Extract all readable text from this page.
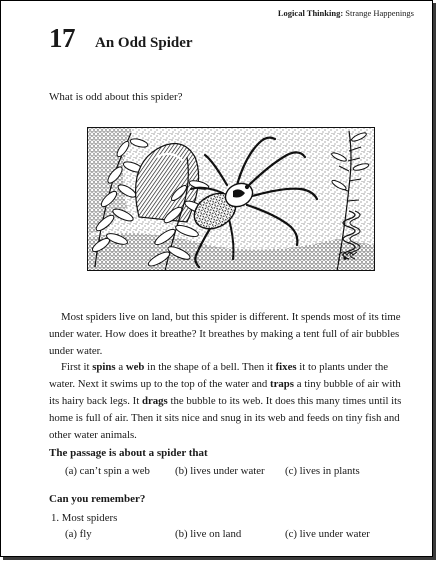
Logical Thinking: Strange Happenings
17 An Odd Spider
What is odd about this spider?

Most spiders live on land, but this spider is different. It spends most of its time under water. How does it breathe? It breathes by making a tent full of air bubbles under water.

First it spins a web in the shape of a bell. Then it fixes it to plants under the water. Next it swims up to the top of the water and traps a tiny bubble of air with its hairy back legs. It drags the bubble to its web. It does this many times until its home is full of air. Then it sits nice and snug in its web and feeds on tiny fish and other water animals.

The passage is about a spider that
(a) can’t spin a web	(b) lives under water	(c) lives in plants
Can you remember?
1. Most spiders
(a) fly	(b) live on land	(c) live under water
